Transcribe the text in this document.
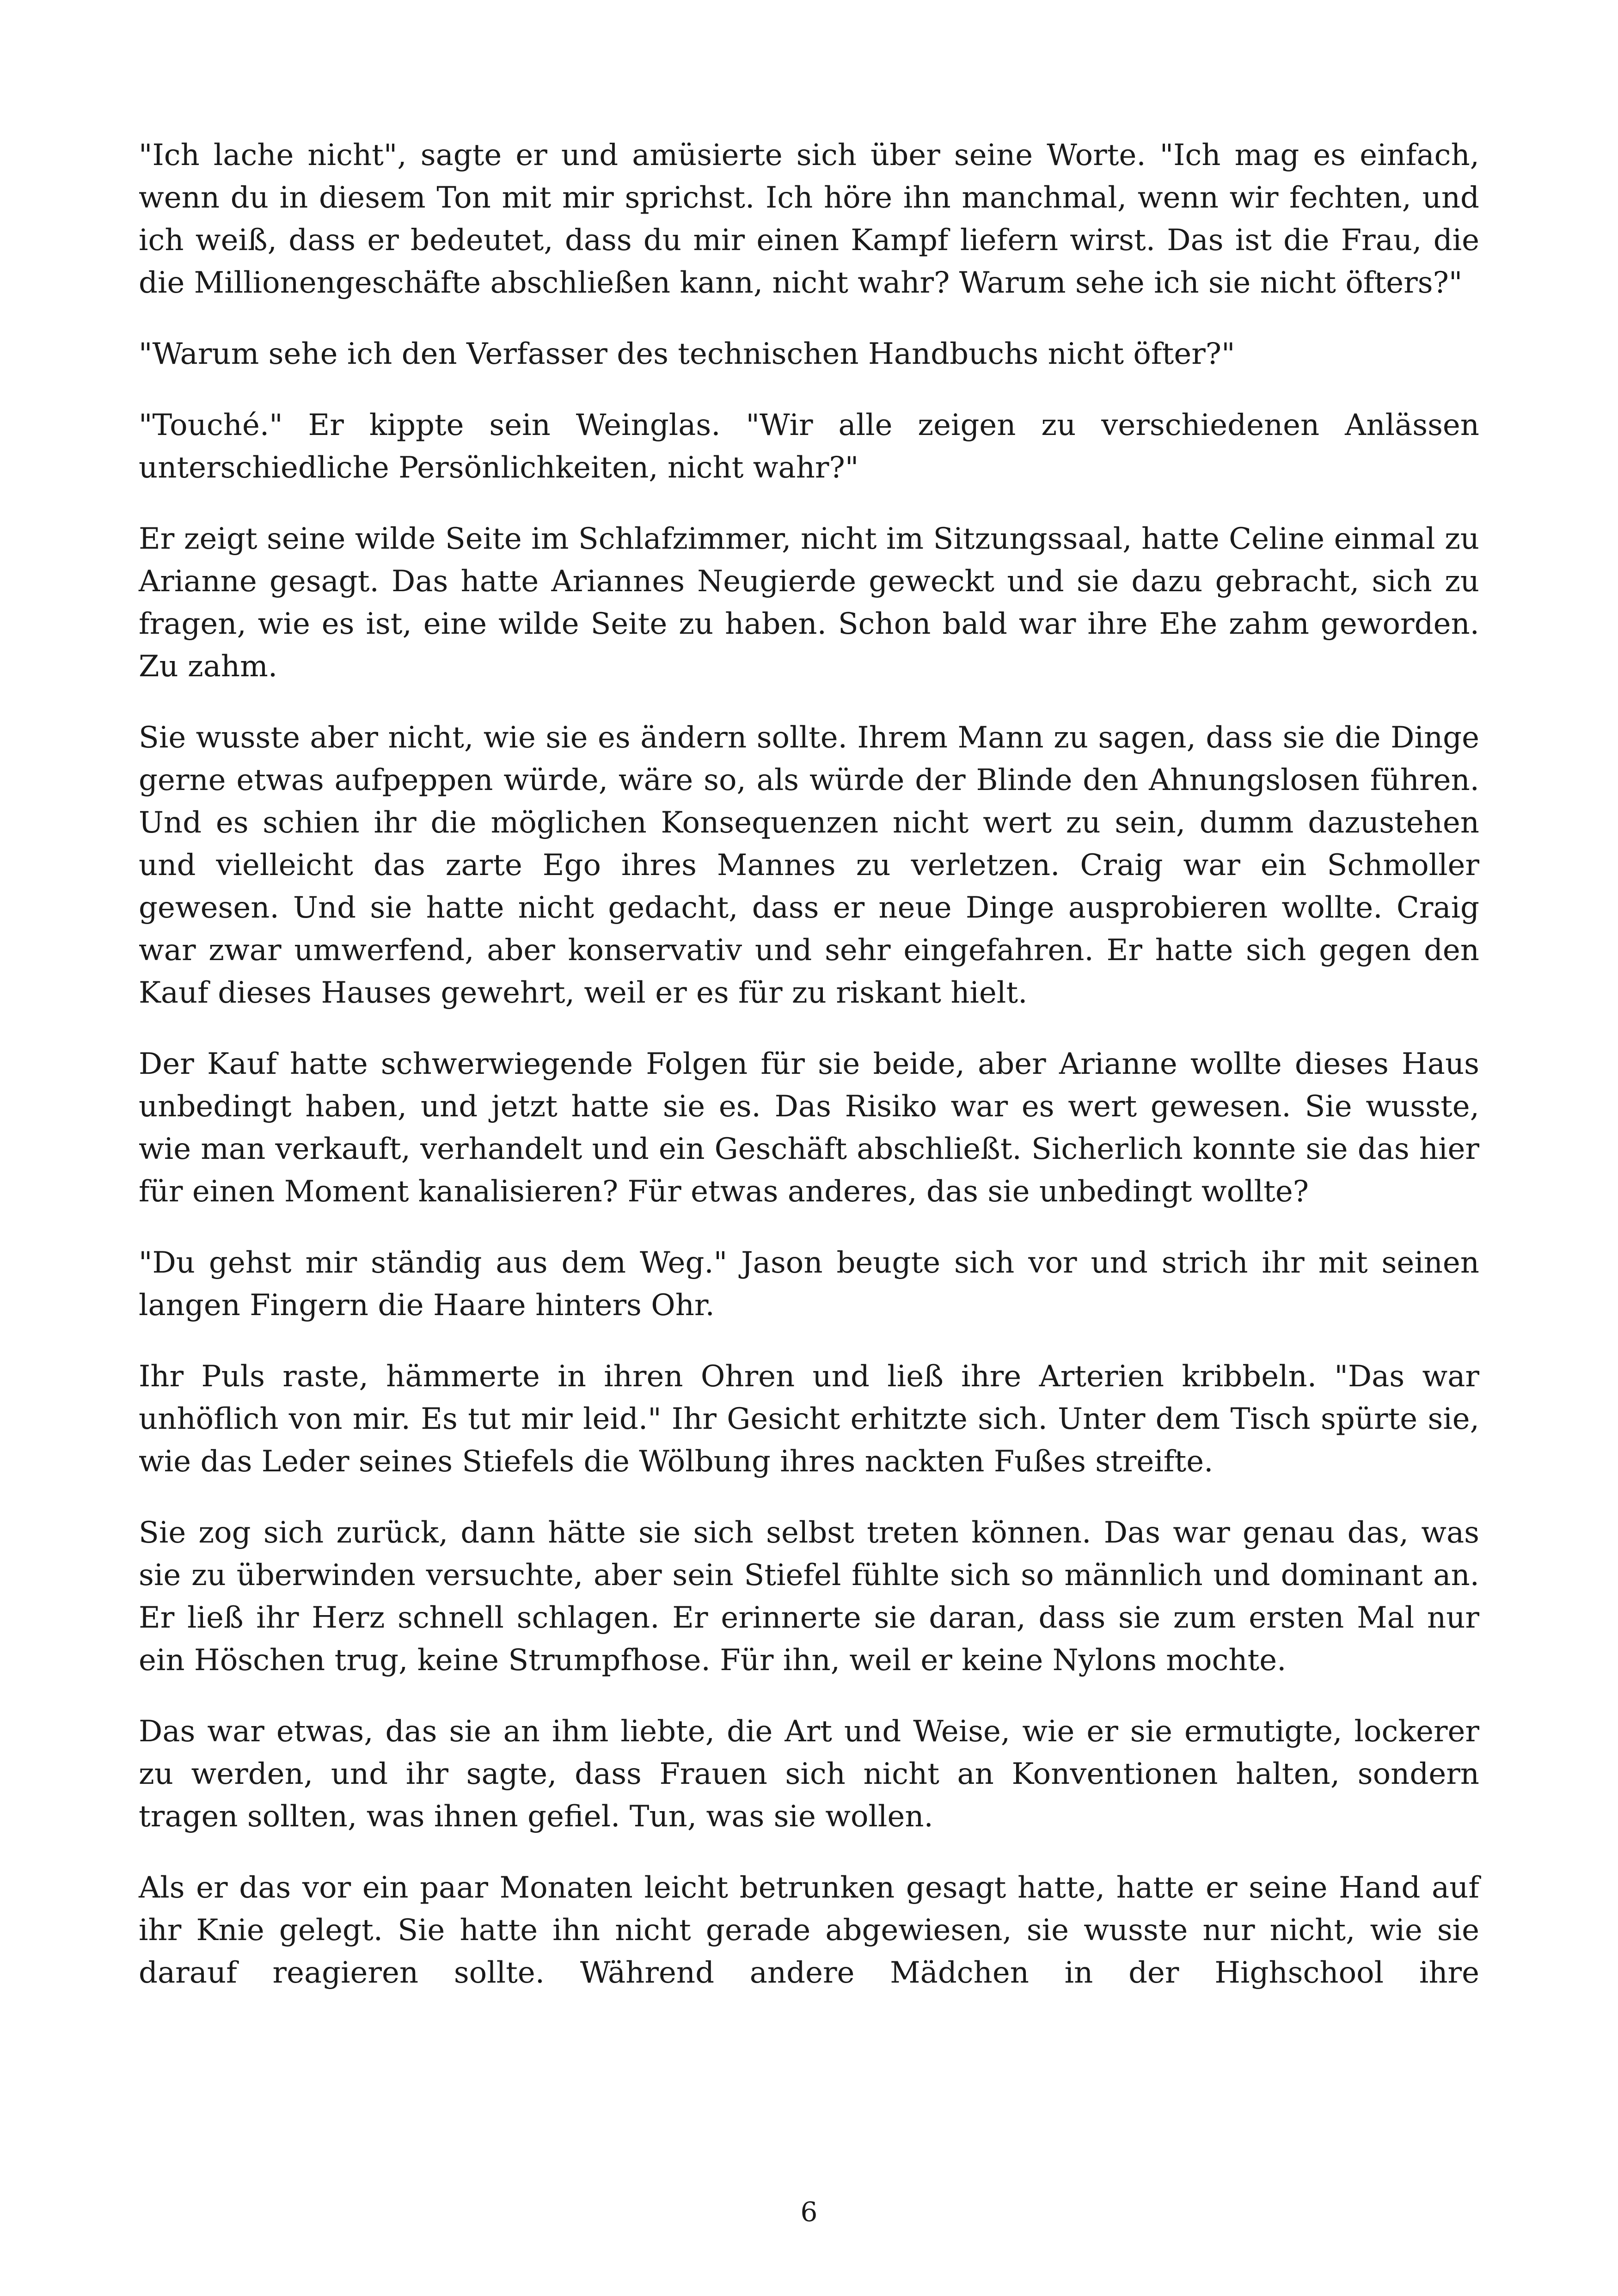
"Ich lache nicht", sagte er und amüsierte sich über seine Worte. "Ich mag es einfach, wenn du in diesem Ton mit mir sprichst. Ich höre ihn manchmal, wenn wir fechten, und ich weiß, dass er bedeutet, dass du mir einen Kampf liefern wirst. Das ist die Frau, die die Millionengeschäfte abschließen kann, nicht wahr? Warum sehe ich sie nicht öfters?"

"Warum sehe ich den Verfasser des technischen Handbuchs nicht öfter?"

"Touché." Er kippte sein Weinglas. "Wir alle zeigen zu verschiedenen Anlässen unterschiedliche Persönlichkeiten, nicht wahr?"

Er zeigt seine wilde Seite im Schlafzimmer, nicht im Sitzungssaal, hatte Celine einmal zu Arianne gesagt. Das hatte Ariannes Neugierde geweckt und sie dazu gebracht, sich zu fragen, wie es ist, eine wilde Seite zu haben. Schon bald war ihre Ehe zahm geworden. Zu zahm.

Sie wusste aber nicht, wie sie es ändern sollte. Ihrem Mann zu sagen, dass sie die Dinge gerne etwas aufpeppen würde, wäre so, als würde der Blinde den Ahnungslosen führen. Und es schien ihr die möglichen Konsequenzen nicht wert zu sein, dumm dazustehen und vielleicht das zarte Ego ihres Mannes zu verletzen. Craig war ein Schmoller gewesen. Und sie hatte nicht gedacht, dass er neue Dinge ausprobieren wollte. Craig war zwar umwerfend, aber konservativ und sehr eingefahren. Er hatte sich gegen den Kauf dieses Hauses gewehrt, weil er es für zu riskant hielt.

Der Kauf hatte schwerwiegende Folgen für sie beide, aber Arianne wollte dieses Haus unbedingt haben, und jetzt hatte sie es. Das Risiko war es wert gewesen. Sie wusste, wie man verkauft, verhandelt und ein Geschäft abschließt. Sicherlich konnte sie das hier für einen Moment kanalisieren? Für etwas anderes, das sie unbedingt wollte?

"Du gehst mir ständig aus dem Weg." Jason beugte sich vor und strich ihr mit seinen langen Fingern die Haare hinters Ohr.

Ihr Puls raste, hämmerte in ihren Ohren und ließ ihre Arterien kribbeln. "Das war unhöflich von mir. Es tut mir leid." Ihr Gesicht erhitzte sich. Unter dem Tisch spürte sie, wie das Leder seines Stiefels die Wölbung ihres nackten Fußes streifte.

Sie zog sich zurück, dann hätte sie sich selbst treten können. Das war genau das, was sie zu überwinden versuchte, aber sein Stiefel fühlte sich so männlich und dominant an. Er ließ ihr Herz schnell schlagen. Er erinnerte sie daran, dass sie zum ersten Mal nur ein Höschen trug, keine Strumpfhose. Für ihn, weil er keine Nylons mochte.

Das war etwas, das sie an ihm liebte, die Art und Weise, wie er sie ermutigte, lockerer zu werden, und ihr sagte, dass Frauen sich nicht an Konventionen halten, sondern tragen sollten, was ihnen gefiel. Tun, was sie wollen.

Als er das vor ein paar Monaten leicht betrunken gesagt hatte, hatte er seine Hand auf ihr Knie gelegt. Sie hatte ihn nicht gerade abgewiesen, sie wusste nur nicht, wie sie darauf reagieren sollte. Während andere Mädchen in der Highschool ihre

6
